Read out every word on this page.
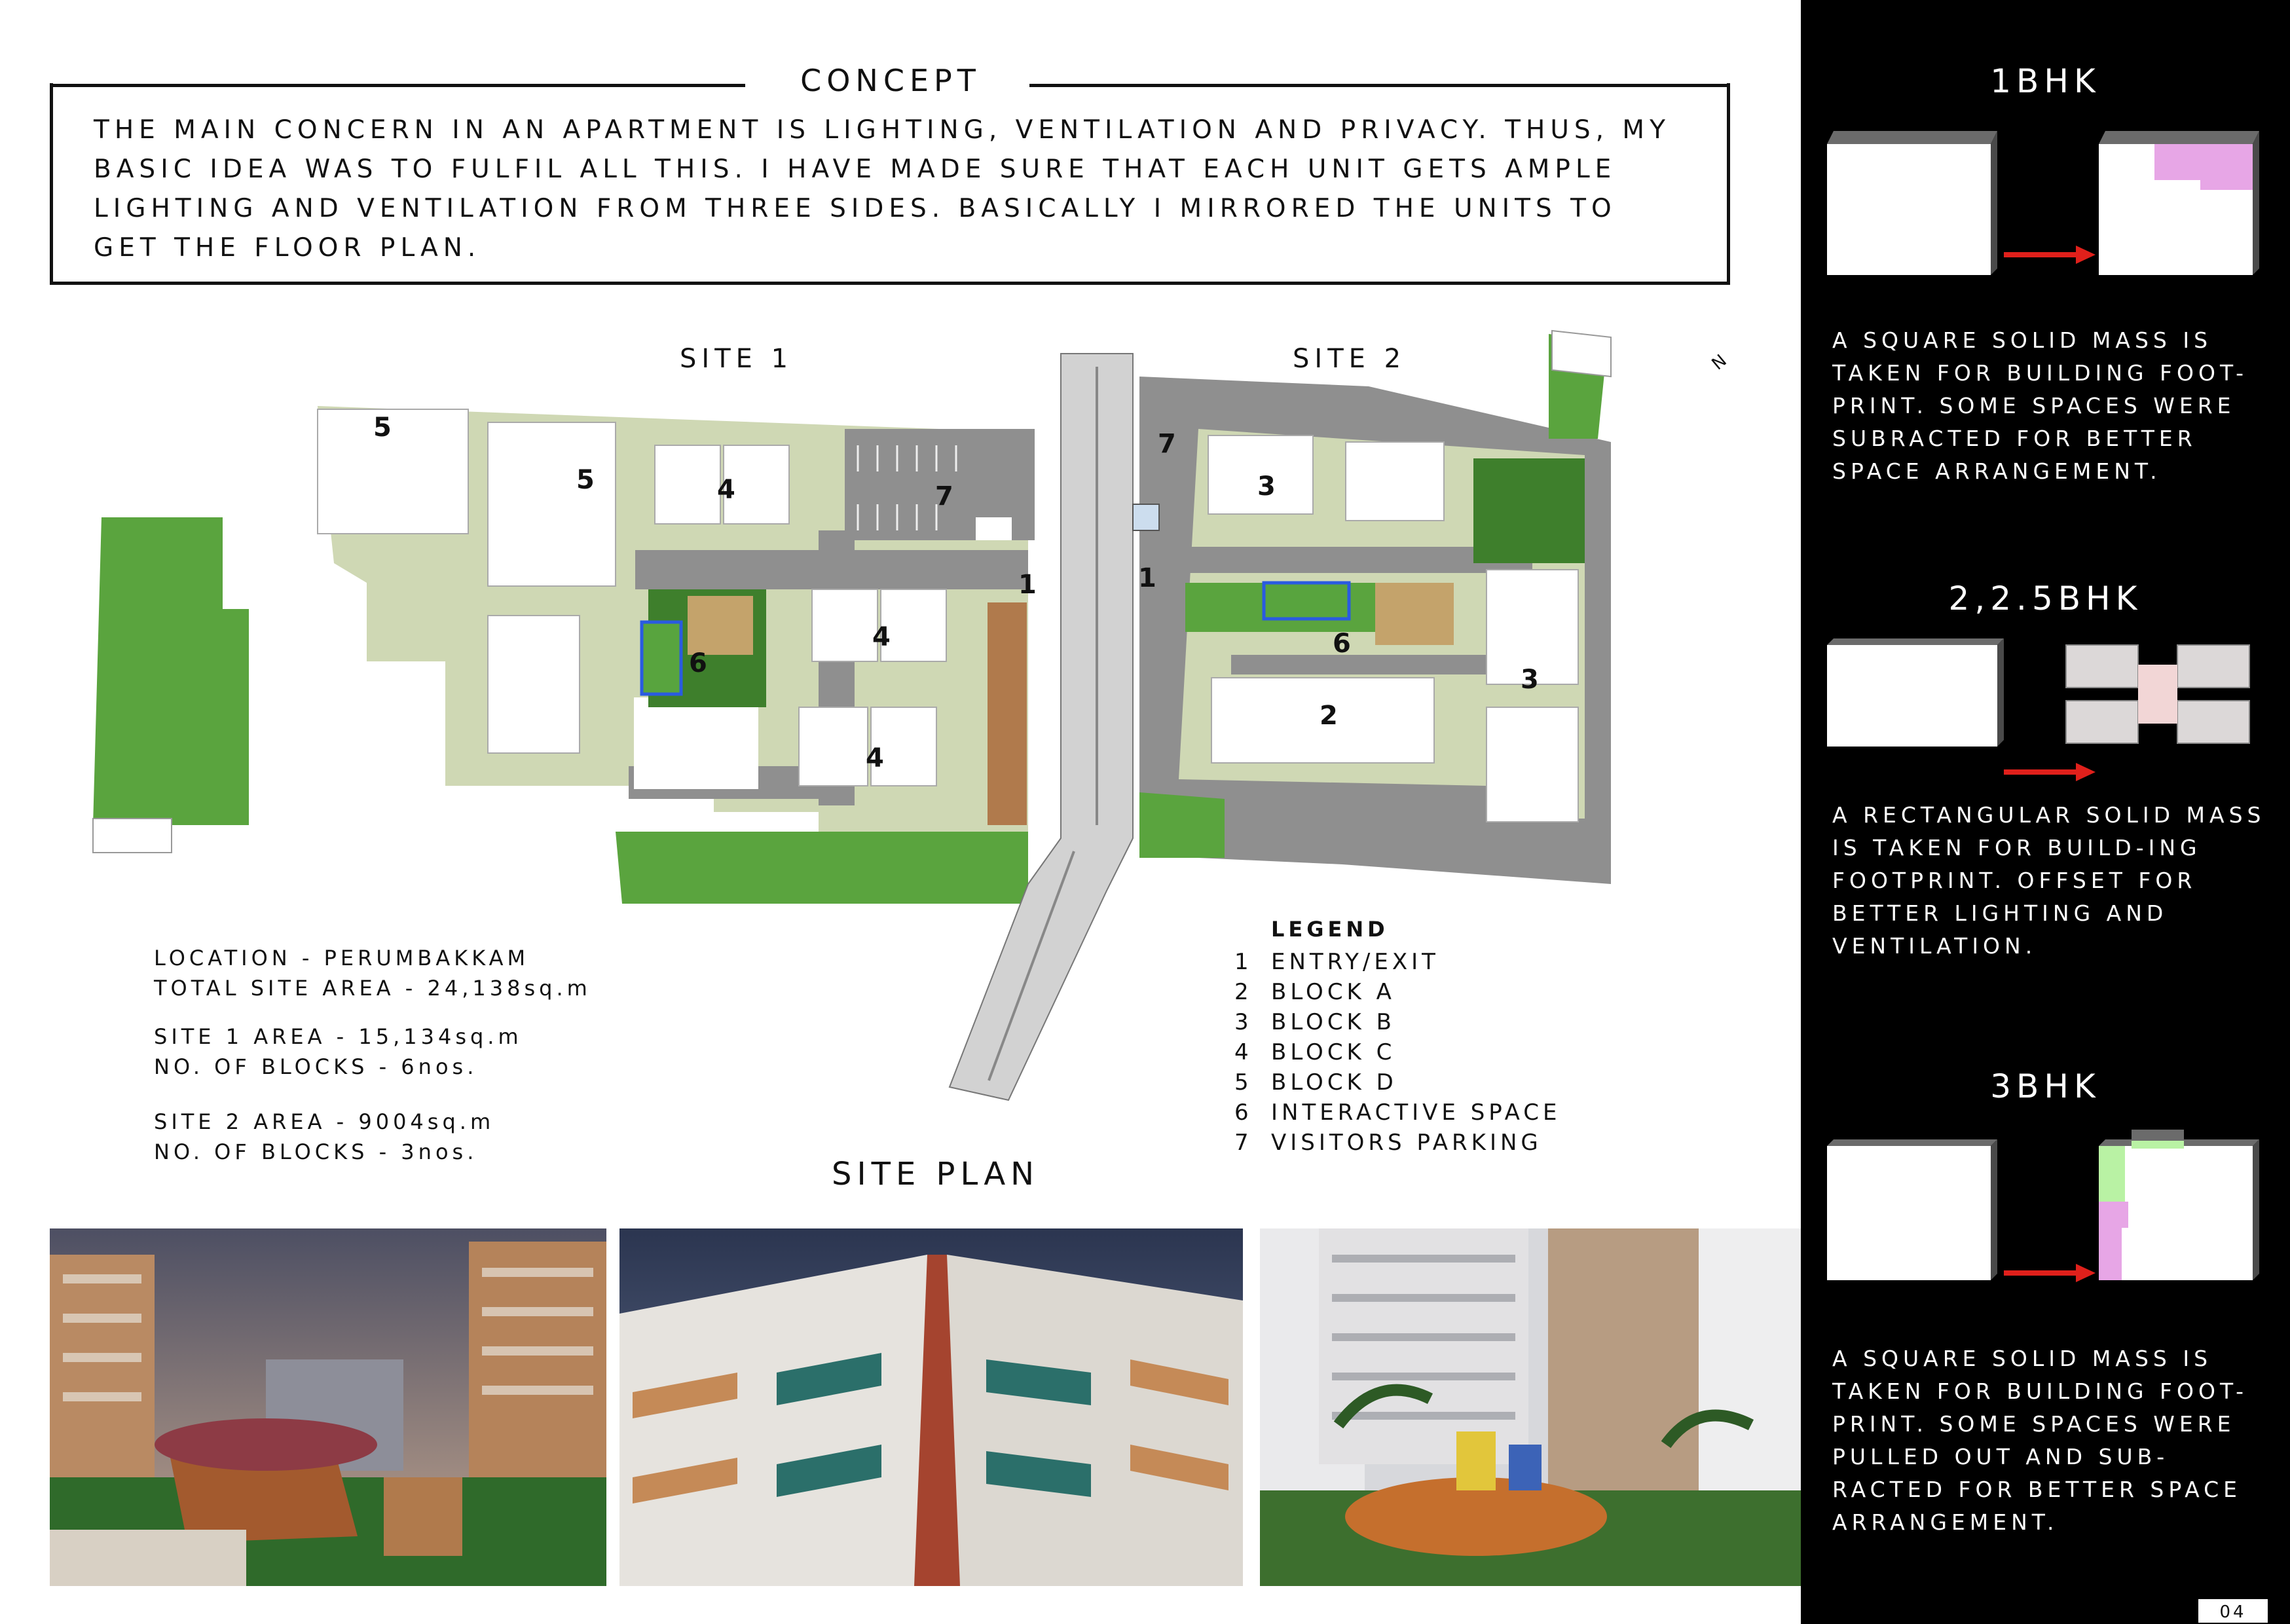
CONCEPT
THE MAIN CONCERN IN AN APARTMENT IS LIGHTING, VENTILATION AND PRIVACY. THUS, MY BASIC IDEA WAS TO FULFIL ALL THIS. I HAVE MADE SURE THAT EACH UNIT GETS AMPLE LIGHTING AND VENTILATION FROM THREE SIDES. BASICALLY I MIRRORED THE UNITS TO GET THE FLOOR PLAN.
SITE 1	SITE 2	N
5
5	4	7
1
6
4
4
7
1
3
6
3
2
LOCATION - PERUMBAKKAM
TOTAL SITE AREA - 24,138sq.m
SITE 1 AREA - 15,134sq.m
NO. OF BLOCKS - 6nos.
SITE 2 AREA - 9004sq.m
NO. OF BLOCKS - 3nos.
LEGEND
1 ENTRY/EXIT
2 BLOCK A
3 BLOCK B
4 BLOCK C
5 BLOCK D
6 INTERACTIVE SPACE
7 VISITORS PARKING
SITE PLAN
1BHK
A SQUARE SOLID MASS IS TAKEN FOR BUILDING FOOT-PRINT. SOME SPACES WERE SUBRACTED FOR BETTER SPACE ARRANGEMENT.
2,2.5BHK
A RECTANGULAR SOLID MASS IS TAKEN FOR BUILD-ING FOOTPRINT. OFFSET FOR BETTER LIGHTING AND VENTILATION.
3BHK
A SQUARE SOLID MASS IS TAKEN FOR BUILDING FOOT-PRINT. SOME SPACES WERE PULLED OUT AND SUB-RACTED FOR BETTER SPACE ARRANGEMENT.
04
